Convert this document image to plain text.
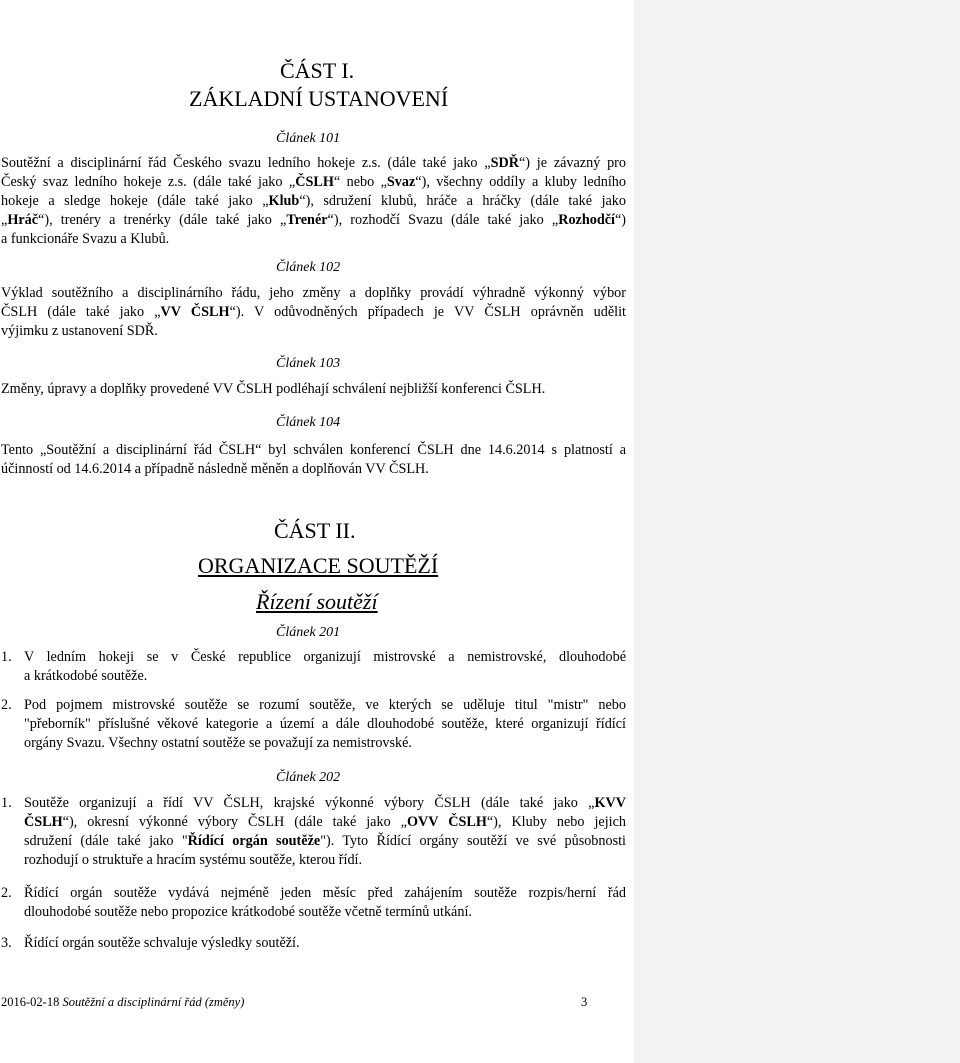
ČÁST I.
ZÁKLADNÍ USTANOVENÍ
Článek 101
Soutěžní a disciplinární řád Českého svazu ledního hokeje z.s. (dále také jako „SDŘ“) je závazný pro
Český svaz ledního hokeje z.s. (dále také jako „ČSLH“ nebo „Svaz“), všechny oddíly a kluby ledního
hokeje a sledge hokeje (dále také jako „Klub“), sdružení klubů, hráče a hráčky (dále také jako
„Hráč“), trenéry a trenérky (dále také jako „Trenér“), rozhodčí Svazu (dále také jako „Rozhodčí“)
a funkcionáře Svazu a Klubů.
Článek 102
Výklad soutěžního a disciplinárního řádu, jeho změny a doplňky provádí výhradně výkonný výbor
ČSLH (dále také jako „VV ČSLH“). V odůvodněných případech je VV ČSLH oprávněn udělit
výjimku z ustanovení SDŘ.
Článek 103
Změny, úpravy a doplňky provedené VV ČSLH podléhají schválení nejbližší konferenci ČSLH.
Článek 104
Tento „Soutěžní a disciplinární řád ČSLH“ byl schválen konferencí ČSLH dne 14.6.2014 s platností a
účinností od 14.6.2014 a případně následně měněn a doplňován VV ČSLH.
ČÁST II.
ORGANIZACE SOUTĚŽÍ
Řízení soutěží
Článek 201
1. V ledním hokeji se v České republice organizují mistrovské a nemistrovské, dlouhodobé
a krátkodobé soutěže.
2. Pod pojmem mistrovské soutěže se rozumí soutěže, ve kterých se uděluje titul "mistr" nebo
"přeborník" příslušné věkové kategorie a území a dále dlouhodobé soutěže, které organizují řídící
orgány Svazu. Všechny ostatní soutěže se považují za nemistrovské.
Článek 202
1. Soutěže organizují a řídí VV ČSLH, krajské výkonné výbory ČSLH (dále také jako „KVV
ČSLH“), okresní výkonné výbory ČSLH (dále také jako „OVV ČSLH“), Kluby nebo jejich
sdružení (dále také jako "Řídící orgán soutěže"). Tyto Řídící orgány soutěží ve své působnosti
rozhodují o struktuře a hracím systému soutěže, kterou řídí.
2. Řídící orgán soutěže vydává nejméně jeden měsíc před zahájením soutěže rozpis/herní řád
dlouhodobé soutěže nebo propozice krátkodobé soutěže včetně termínů utkání.
3. Řídící orgán soutěže schvaluje výsledky soutěží.
2016-02-18 Soutěžní a disciplinární řád (změny)	3
